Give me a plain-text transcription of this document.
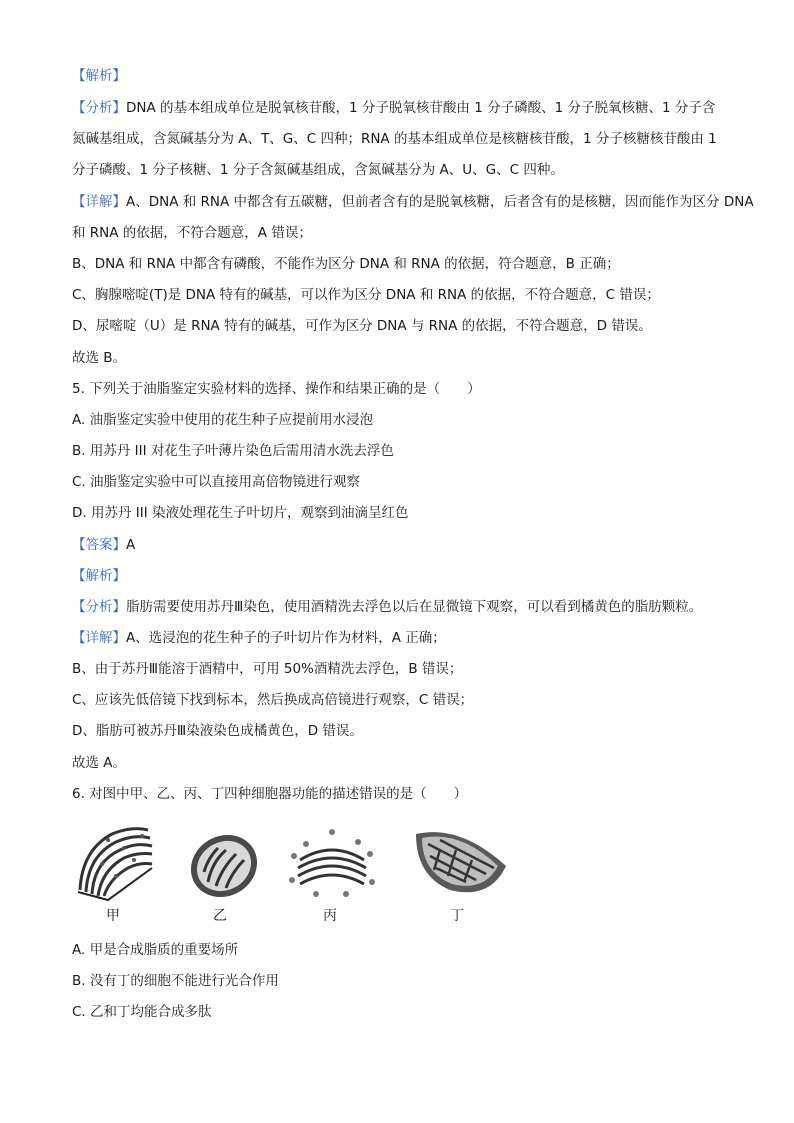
【解析】
【分析】DNA 的基本组成单位是脱氧核苷酸，1 分子脱氧核苷酸由 1 分子磷酸、1 分子脱氧核糖、1 分子含
氮碱基组成，含氮碱基分为 A、T、G、C 四种；RNA 的基本组成单位是核糖核苷酸，1 分子核糖核苷酸由 1
分子磷酸、1 分子核糖、1 分子含氮碱基组成，含氮碱基分为 A、U、G、C 四种。
【详解】A、DNA 和 RNA 中都含有五碳糖，但前者含有的是脱氧核糖，后者含有的是核糖，因而能作为区分 DNA
和 RNA 的依据，不符合题意，A 错误；
B、DNA 和 RNA 中都含有磷酸，不能作为区分 DNA 和 RNA 的依据，符合题意，B 正确；
C、胸腺嘧啶(T)是 DNA 特有的碱基，可以作为区分 DNA 和 RNA 的依据，不符合题意，C 错误；
D、尿嘧啶（U）是 RNA 特有的碱基，可作为区分 DNA 与 RNA 的依据，不符合题意，D 错误。
故选 B。
5. 下列关于油脂鉴定实验材料的选择、操作和结果正确的是（　　）
A. 油脂鉴定实验中使用的花生种子应提前用水浸泡
B. 用苏丹 III 对花生子叶薄片染色后需用清水洗去浮色
C. 油脂鉴定实验中可以直接用高倍物镜进行观察
D. 用苏丹 III 染液处理花生子叶切片，观察到油滴呈红色
【答案】A
【解析】
【分析】脂肪需要使用苏丹Ⅲ染色，使用酒精洗去浮色以后在显微镜下观察，可以看到橘黄色的脂肪颗粒。
【详解】A、选浸泡的花生种子的子叶切片作为材料，A 正确；
B、由于苏丹Ⅲ能溶于酒精中，可用 50%酒精洗去浮色，B 错误；
C、应该先低倍镜下找到标本，然后换成高倍镜进行观察，C 错误；
D、脂肪可被苏丹Ⅲ染液染色成橘黄色，D 错误。
故选 A。
6. 对图中甲、乙、丙、丁四种细胞器功能的描述错误的是（　　）
甲	乙	丙	丁
A. 甲是合成脂质的重要场所
B. 没有丁的细胞不能进行光合作用
C. 乙和丁均能合成多肽
